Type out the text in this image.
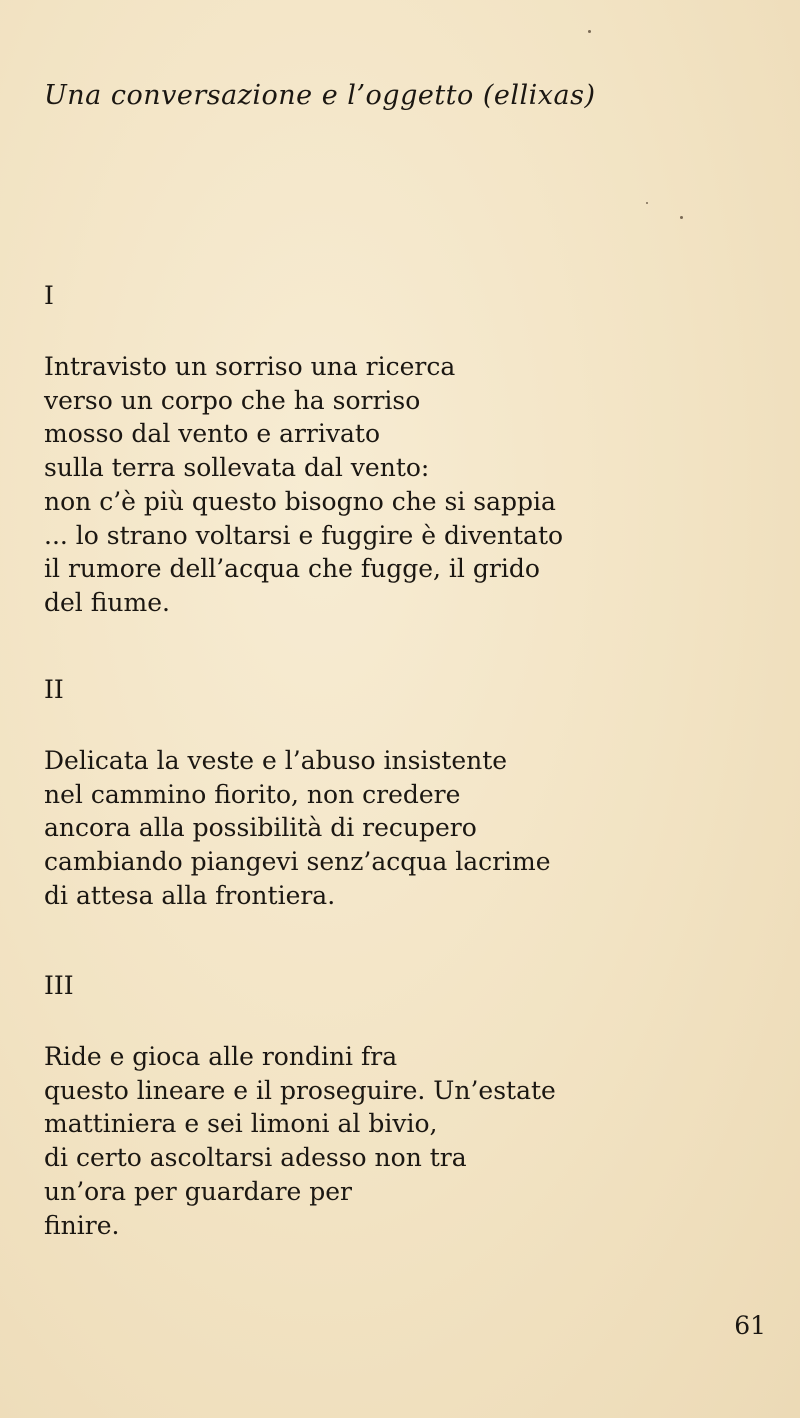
Una conversazione e l’oggetto (ellixas)
I
Intravisto un sorriso una ricerca
verso un corpo che ha sorriso
mosso dal vento e arrivato
sulla terra sollevata dal vento:
non c’è più questo bisogno che si sappia
... lo strano voltarsi e fuggire è diventato
il rumore dell’acqua che fugge, il grido
del fiume.
II
Delicata la veste e l’abuso insistente
nel cammino fiorito, non credere
ancora alla possibilità di recupero
cambiando piangevi senz’acqua lacrime
di attesa alla frontiera.
III
Ride e gioca alle rondini fra
questo lineare e il proseguire. Un’estate
mattiniera e sei limoni al bivio,
di certo ascoltarsi adesso non tra
un’ora per guardare per
finire.

61
